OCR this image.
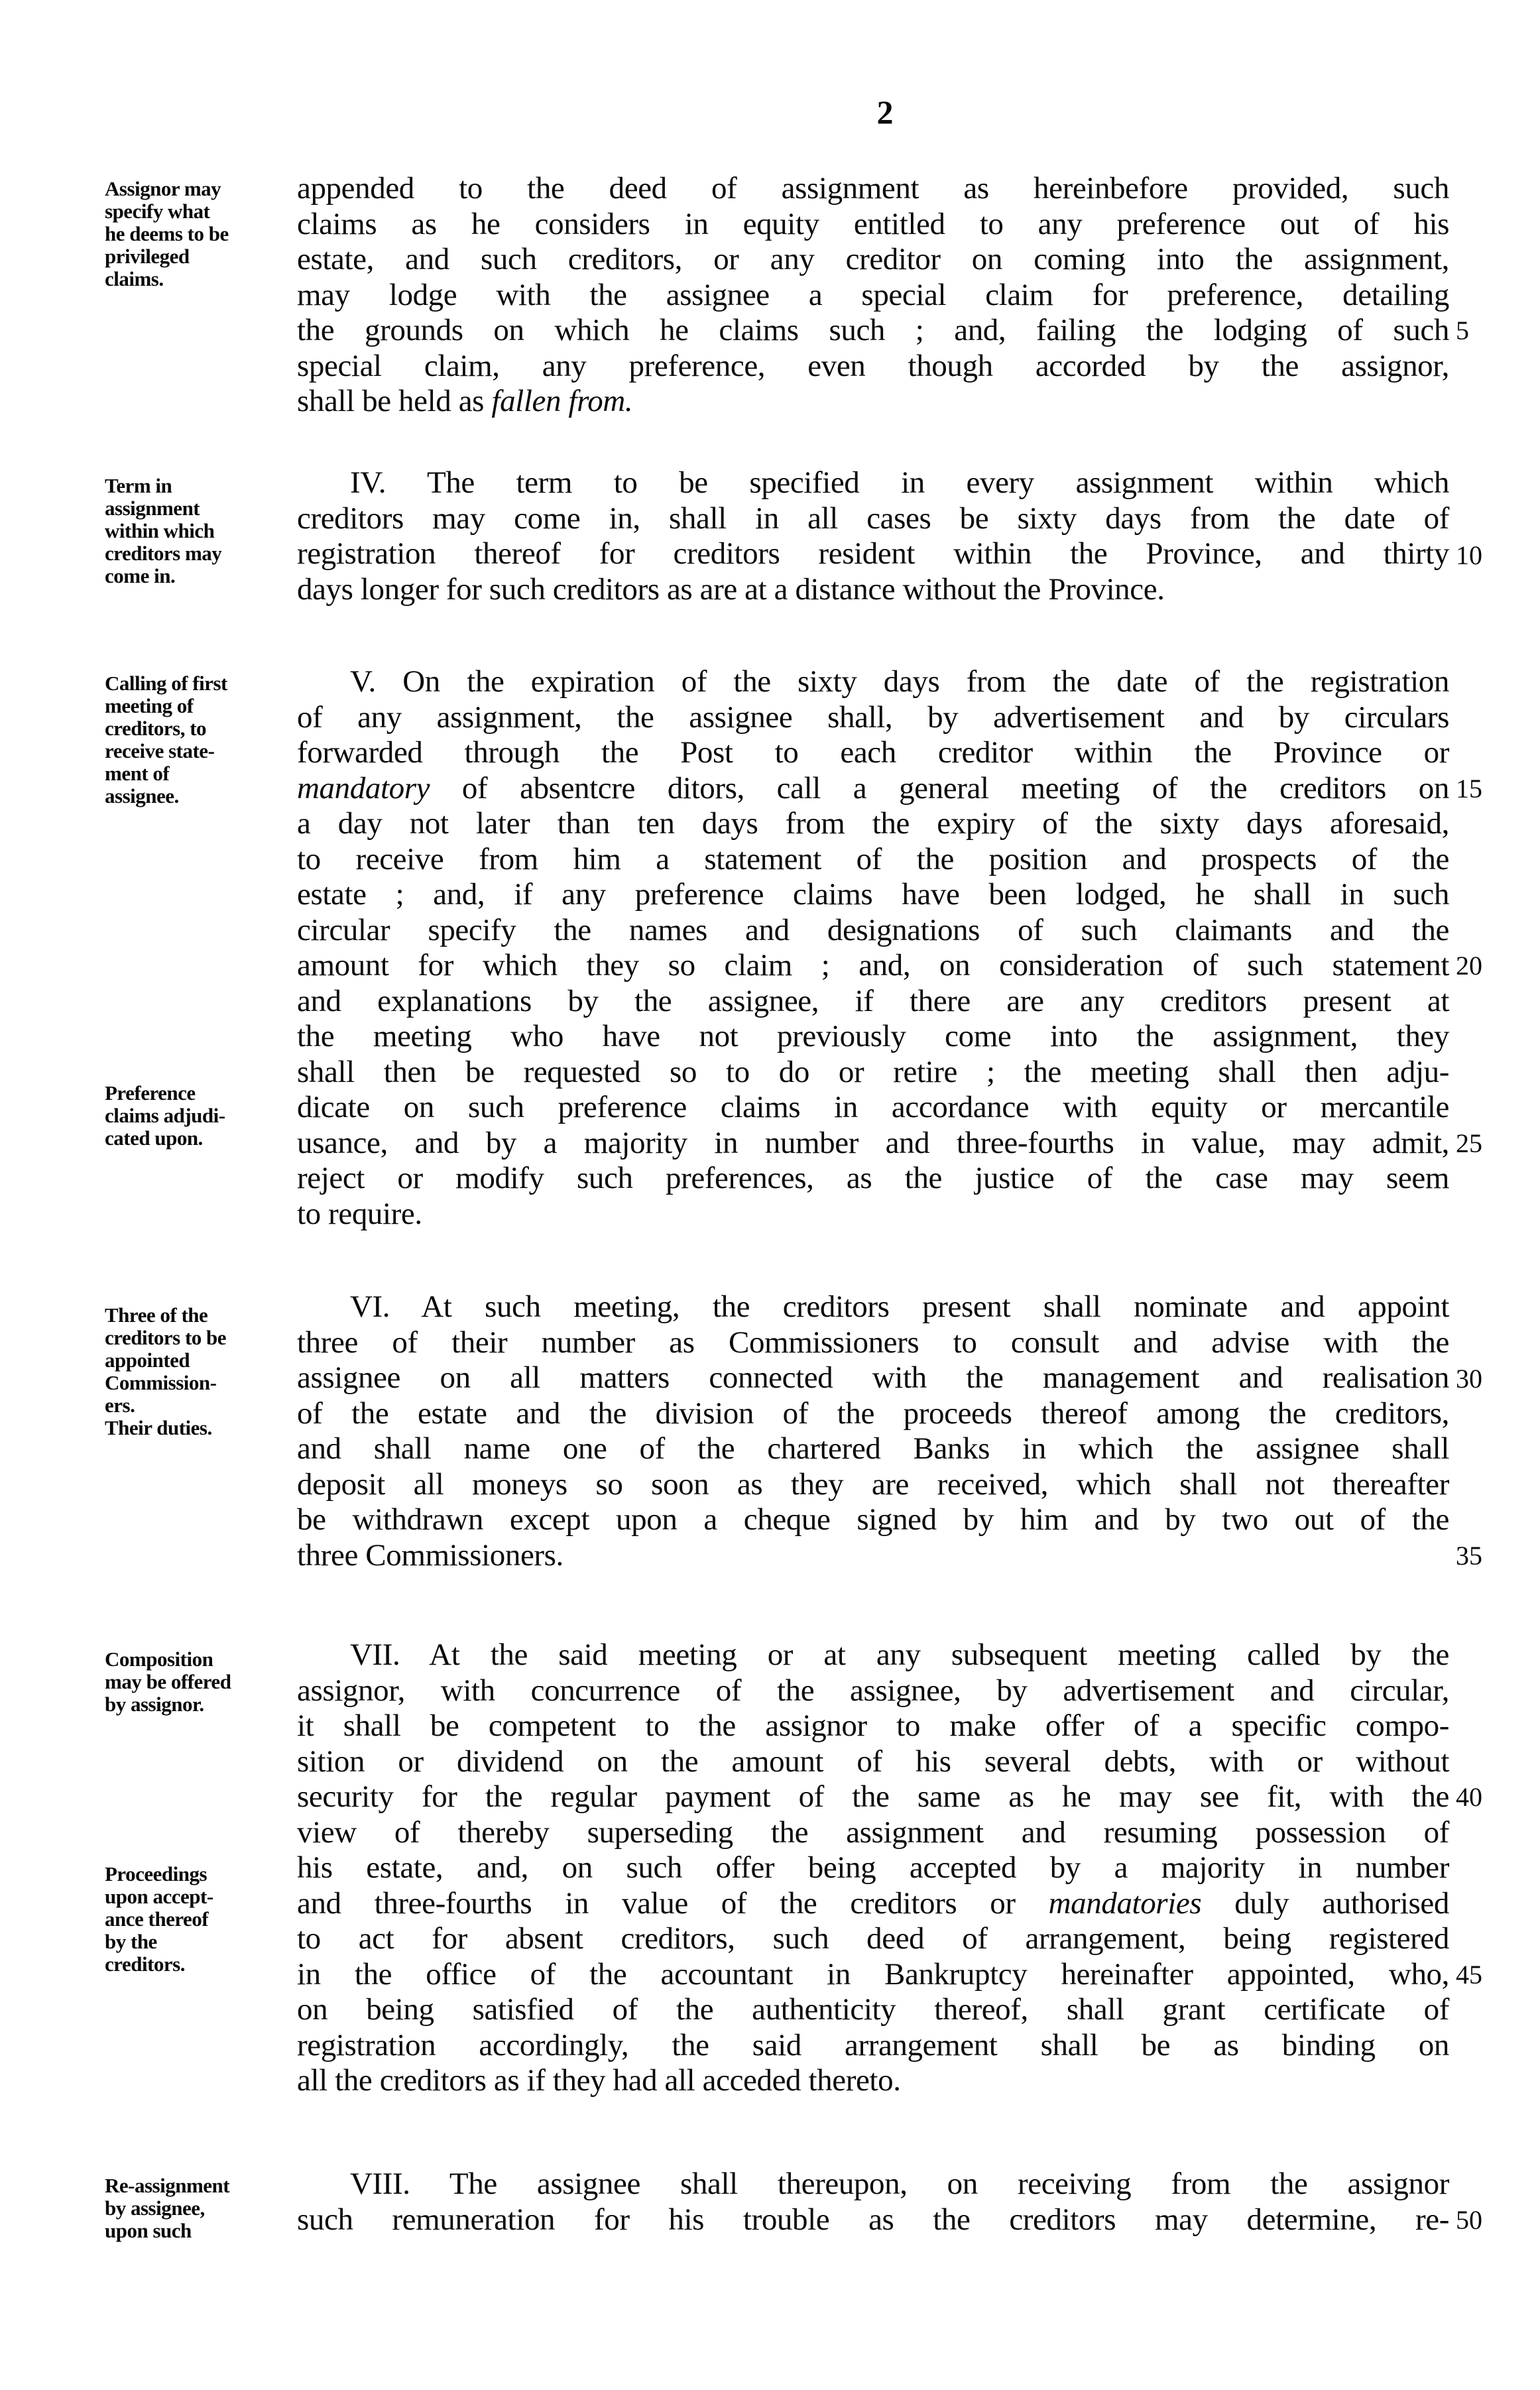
2
Assignor may
specify what
he deems to be
privileged
claims.
appended to the deed of assignment as hereinbefore provided, such
claims as he considers in equity entitled to any preference out of his
estate, and such creditors, or any creditor on coming into the assignment,
may lodge with the assignee a special claim for preference, detailing
the grounds on which he claims such ; and, failing the lodging of such
special claim, any preference, even though accorded by the assignor,
shall be held as fallen from.
5
Term in
assignment
within which
creditors may
come in.
IV. The term to be specified in every assignment within which
creditors may come in, shall in all cases be sixty days from the date of
registration thereof for creditors resident within the Province, and thirty
days longer for such creditors as are at a distance without the Province.
10
Calling of first
meeting of
creditors, to
receive state-
ment of
assignee.
Preference
claims adjudi-
cated upon.
V. On the expiration of the sixty days from the date of the registration
of any assignment, the assignee shall, by advertisement and by circulars
forwarded through the Post to each creditor within the Province or
mandatory of absentcre ditors, call a general meeting of the creditors on
a day not later than ten days from the expiry of the sixty days aforesaid,
to receive from him a statement of the position and prospects of the
estate ; and, if any preference claims have been lodged, he shall in such
circular specify the names and designations of such claimants and the
amount for which they so claim ; and, on consideration of such statement
and explanations by the assignee, if there are any creditors present at
the meeting who have not previously come into the assignment, they
shall then be requested so to do or retire ; the meeting shall then adju-
dicate on such preference claims in accordance with equity or mercantile
usance, and by a majority in number and three-fourths in value, may admit,
reject or modify such preferences, as the justice of the case may seem
to require.
15
20
25
Three of the
creditors to be
appointed
Commission-
ers.
Their duties.
VI. At such meeting, the creditors present shall nominate and appoint
three of their number as Commissioners to consult and advise with the
assignee on all matters connected with the management and realisation
of the estate and the division of the proceeds thereof among the creditors,
and shall name one of the chartered Banks in which the assignee shall
deposit all moneys so soon as they are received, which shall not thereafter
be withdrawn except upon a cheque signed by him and by two out of the
three Commissioners.
30
35
Composition
may be offered
by assignor.
Proceedings
upon accept-
ance thereof
by the
creditors.
VII. At the said meeting or at any subsequent meeting called by the
assignor, with concurrence of the assignee, by advertisement and circular,
it shall be competent to the assignor to make offer of a specific compo-
sition or dividend on the amount of his several debts, with or without
security for the regular payment of the same as he may see fit, with the
view of thereby superseding the assignment and resuming possession of
his estate, and, on such offer being accepted by a majority in number
and three-fourths in value of the creditors or mandatories duly authorised
to act for absent creditors, such deed of arrangement, being registered
in the office of the accountant in Bankruptcy hereinafter appointed, who,
on being satisfied of the authenticity thereof, shall grant certificate of
registration accordingly, the said arrangement shall be as binding on
all the creditors as if they had all acceded thereto.
40
45
Re-assignment
by assignee,
upon such
VIII. The assignee shall thereupon, on receiving from the assignor
such remuneration for his trouble as the creditors may determine, re- 50
